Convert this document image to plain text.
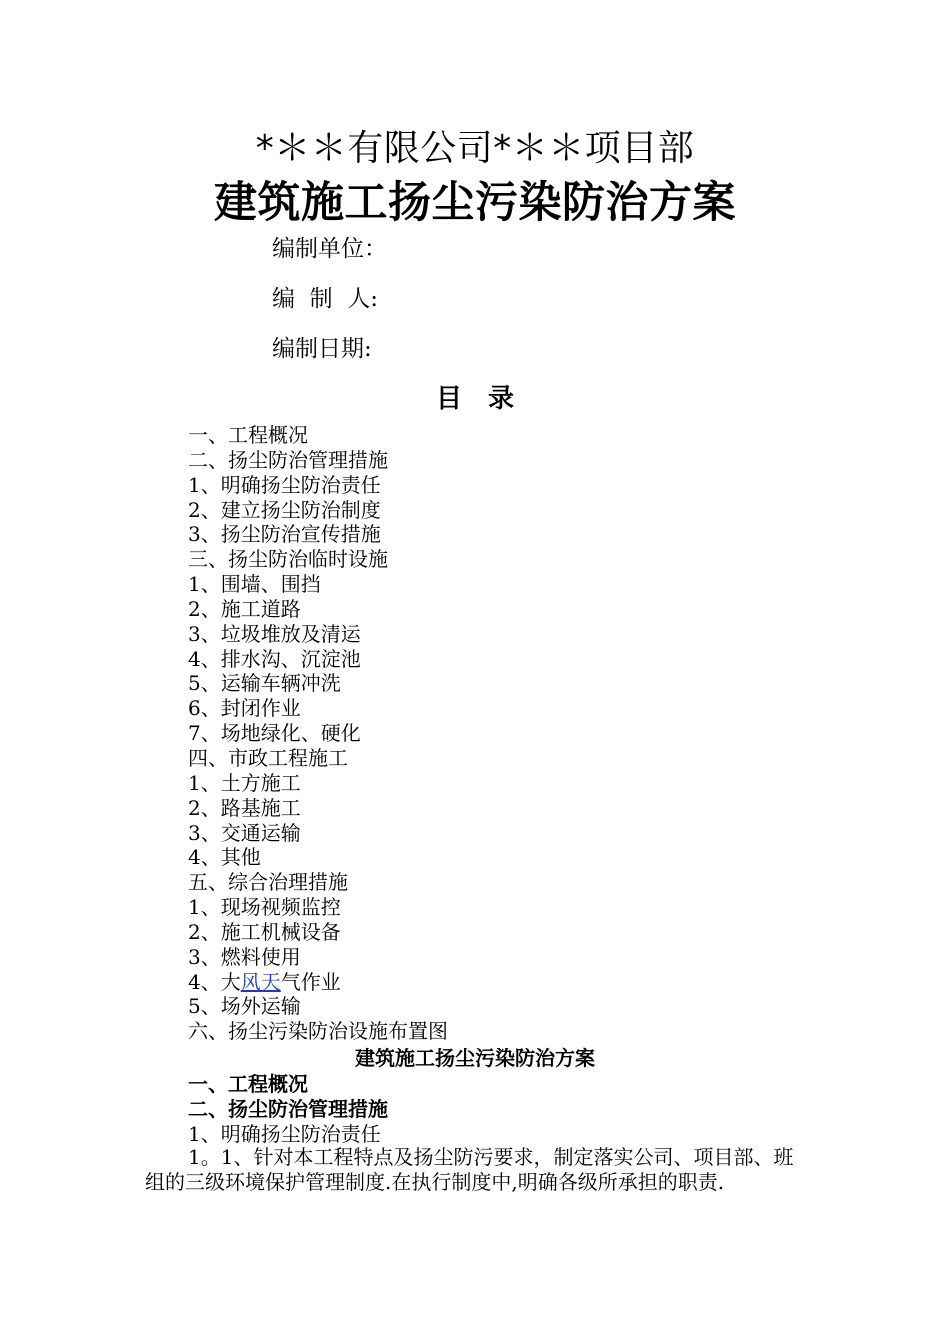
*＊＊有限公司*＊＊项目部
建筑施工扬尘污染防治方案
编制单位：
编  制  人:
编制日期:
目录
一、工程概况
二、扬尘防治管理措施
1、明确扬尘防治责任
2、建立扬尘防治制度
3、扬尘防治宣传措施
三、扬尘防治临时设施
1、围墙、围挡
2、施工道路
3、垃圾堆放及清运
4、排水沟、沉淀池
5、运输车辆冲洗
6、封闭作业
7、场地绿化、硬化
四、市政工程施工
1、土方施工
2、路基施工
3、交通运输
4、其他
五、综合治理措施
1、现场视频监控
2、施工机械设备
3、燃料使用
4、大风天气作业
5、场外运输
六、扬尘污染防治设施布置图
建筑施工扬尘污染防治方案
一、工程概况
二、扬尘防治管理措施
1、明确扬尘防治责任

1。1、针对本工程特点及扬尘防污要求，制定落实公司、项目部、班组的三级环境保护管理制度.在执行制度中,明确各级所承担的职责.
